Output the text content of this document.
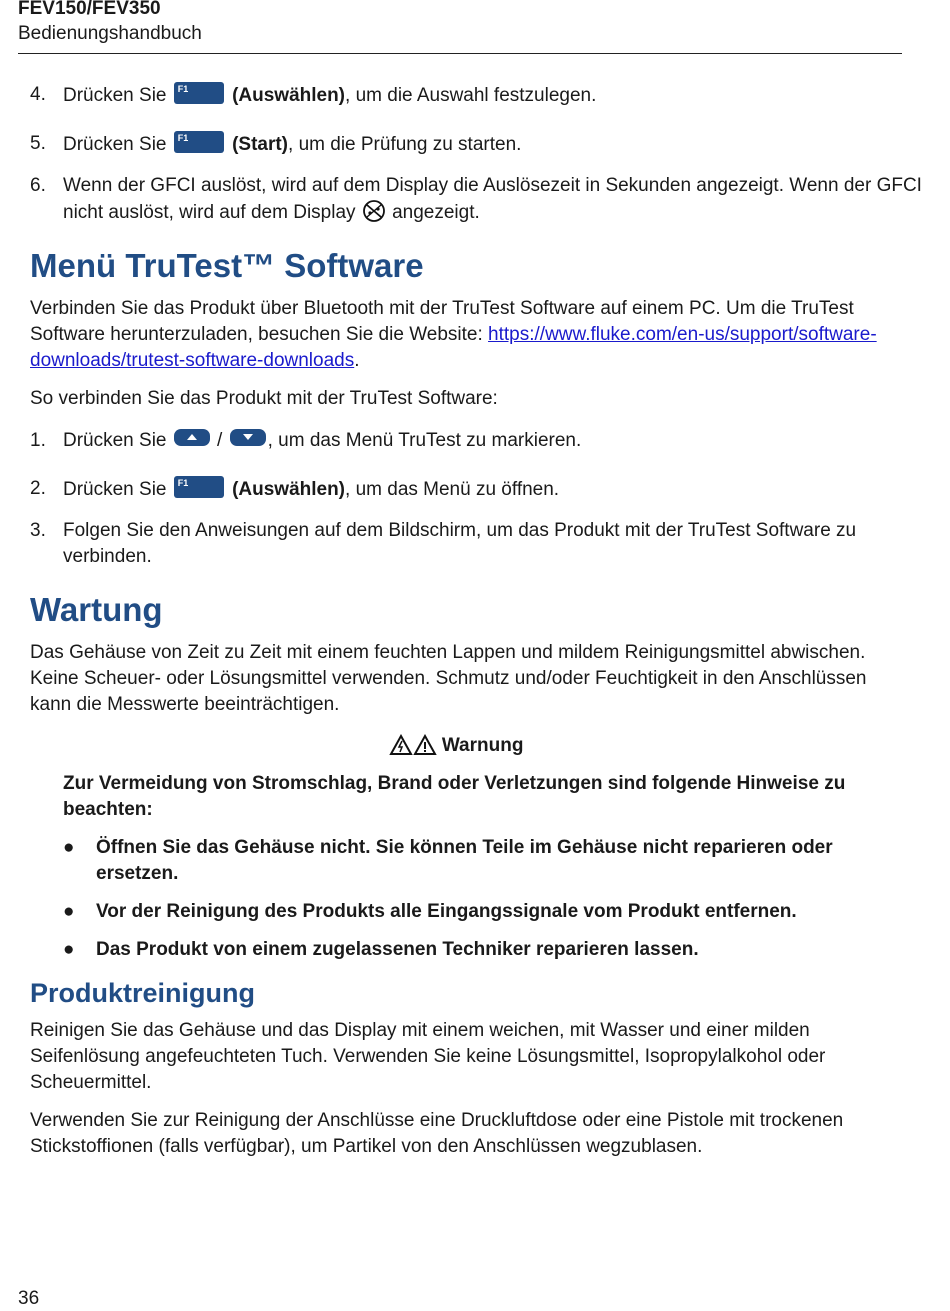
FEV150/FEV350
Bedienungshandbuch
4. Drücken Sie F1 (Auswählen), um die Auswahl festzulegen.
5. Drücken Sie F1 (Start), um die Prüfung zu starten.
6. Wenn der GFCI auslöst, wird auf dem Display die Auslösezeit in Sekunden angezeigt. Wenn der GFCI nicht auslöst, wird auf dem Display  angezeigt.
Menü TruTest™ Software

Verbinden Sie das Produkt über Bluetooth mit der TruTest Software auf einem PC. Um die TruTest Software herunterzuladen, besuchen Sie die Website: https://www.fluke.com/en-us/support/software-downloads/trutest-software-downloads.

So verbinden Sie das Produkt mit der TruTest Software:

1. Drücken Sie
/
, um das Menü TruTest zu markieren.
2. Drücken Sie F1 (Auswählen), um das Menü zu öffnen.
3. Folgen Sie den Anweisungen auf dem Bildschirm, um das Produkt mit der TruTest Software zu verbinden.
Wartung

Das Gehäuse von Zeit zu Zeit mit einem feuchten Lappen und mildem Reinigungsmittel abwischen. Keine Scheuer- oder Lösungsmittel verwenden. Schmutz und/oder Feuchtigkeit in den Anschlüssen kann die Messwerte beeinträchtigen.

Warnung

Zur Vermeidung von Stromschlag, Brand oder Verletzungen sind folgende Hinweise zu beachten:

● Öffnen Sie das Gehäuse nicht. Sie können Teile im Gehäuse nicht reparieren oder ersetzen.
● Vor der Reinigung des Produkts alle Eingangssignale vom Produkt entfernen.
● Das Produkt von einem zugelassenen Techniker reparieren lassen.
Produktreinigung

Reinigen Sie das Gehäuse und das Display mit einem weichen, mit Wasser und einer milden Seifenlösung angefeuchteten Tuch. Verwenden Sie keine Lösungsmittel, Isopropylalkohol oder Scheuermittel.

Verwenden Sie zur Reinigung der Anschlüsse eine Druckluftdose oder eine Pistole mit trockenen Stickstoffionen (falls verfügbar), um Partikel von den Anschlüssen wegzublasen.

36
